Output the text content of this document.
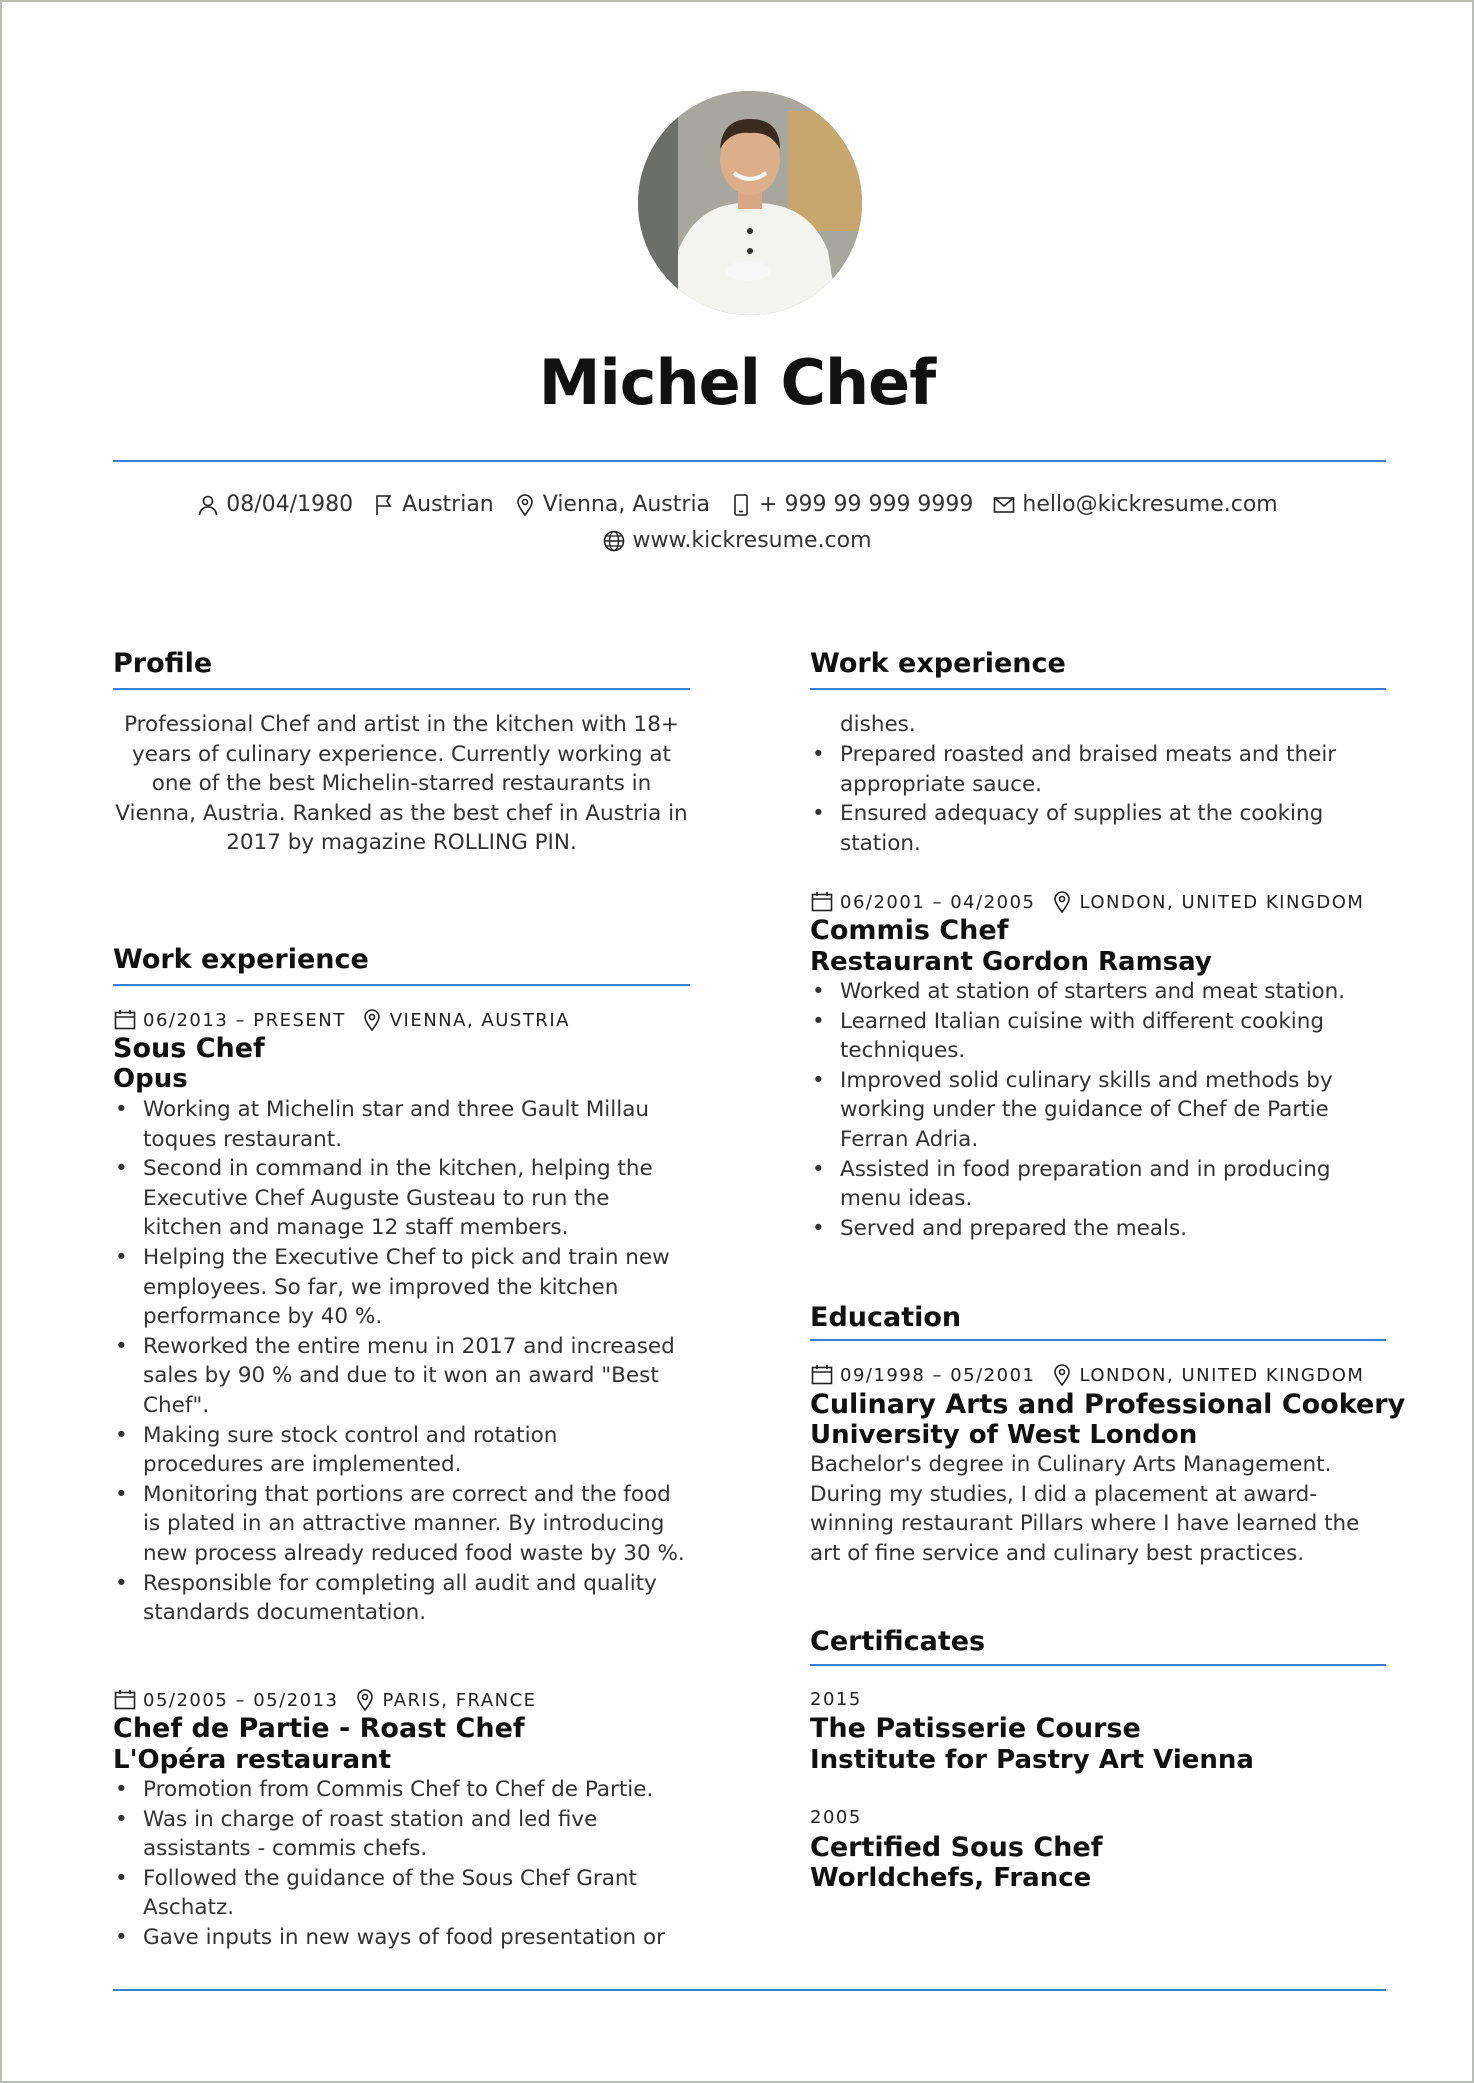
Michel Chef
08/04/1980
Austrian
Vienna, Austria
+ 999 99 999 9999
hello@kickresume.com
www.kickresume.com
Profile
Professional Chef and artist in the kitchen with 18+
years of culinary experience. Currently working at
one of the best Michelin-starred restaurants in
Vienna, Austria. Ranked as the best chef in Austria in
2017 by magazine ROLLING PIN.
Work experience
06/2013 – PRESENT VIENNA, AUSTRIA
Sous Chef
Opus
• Working at Michelin star and three Gault Millau
toques restaurant.
• Second in command in the kitchen, helping the
Executive Chef Auguste Gusteau to run the
kitchen and manage 12 staff members.
• Helping the Executive Chef to pick and train new
employees. So far, we improved the kitchen
performance by 40 %.
• Reworked the entire menu in 2017 and increased
sales by 90 % and due to it won an award "Best
Chef".
• Making sure stock control and rotation
procedures are implemented.
• Monitoring that portions are correct and the food
is plated in an attractive manner. By introducing
new process already reduced food waste by 30 %.
• Responsible for completing all audit and quality
standards documentation.
05/2005 – 05/2013 PARIS, FRANCE
Chef de Partie - Roast Chef
L'Opéra restaurant
• Promotion from Commis Chef to Chef de Partie.
• Was in charge of roast station and led five
assistants - commis chefs.
• Followed the guidance of the Sous Chef Grant
Aschatz.
• Gave inputs in new ways of food presentation or
Work experience
dishes.
• Prepared roasted and braised meats and their
appropriate sauce.
• Ensured adequacy of supplies at the cooking
station.
06/2001 – 04/2005 LONDON, UNITED KINGDOM
Commis Chef
Restaurant Gordon Ramsay
• Worked at station of starters and meat station.
• Learned Italian cuisine with different cooking
techniques.
• Improved solid culinary skills and methods by
working under the guidance of Chef de Partie
Ferran Adria.
• Assisted in food preparation and in producing
menu ideas.
• Served and prepared the meals.
Education
09/1998 – 05/2001 LONDON, UNITED KINGDOM
Culinary Arts and Professional Cookery
University of West London
Bachelor's degree in Culinary Arts Management.
During my studies, I did a placement at award-
winning restaurant Pillars where I have learned the
art of fine service and culinary best practices.
Certificates
2015
The Patisserie Course
Institute for Pastry Art Vienna
2005
Certified Sous Chef
Worldchefs, France
